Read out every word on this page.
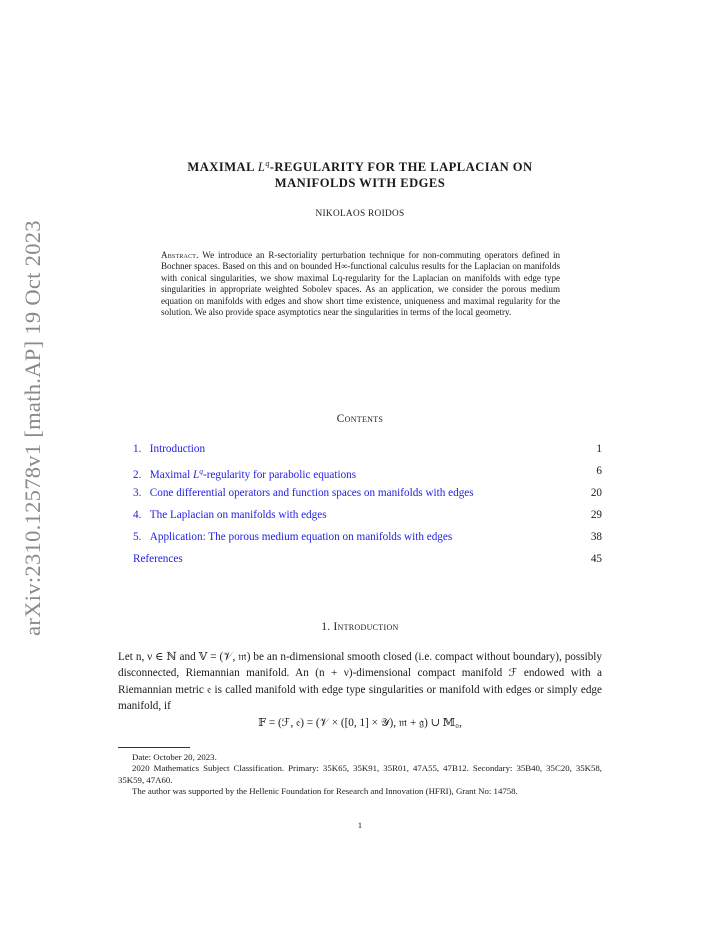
arXiv:2310.12578v1 [math.AP] 19 Oct 2023
MAXIMAL $L^q$-REGULARITY FOR THE LAPLACIAN ON
MANIFOLDS WITH EDGES
NIKOLAOS ROIDOS
Abstract. We introduce an R-sectoriality perturbation technique for non-commuting operators defined in Bochner spaces. Based on this and on bounded H∞-functional calculus results for the Laplacian on manifolds with conical singularities, we show maximal Lq-regularity for the Laplacian on manifolds with edge type singularities in appropriate weighted Sobolev spaces. As an application, we consider the porous medium equation on manifolds with edges and show short time existence, uniqueness and maximal regularity for the solution. We also provide space asymptotics near the singularities in terms of the local geometry.
Contents
1. Introduction	1
2. Maximal $L^q$-regularity for parabolic equations	6
3. Cone differential operators and function spaces on manifolds with edges	20
4. The Laplacian on manifolds with edges	29
5. Application: The porous medium equation on manifolds with edges	38
References	45
1. Introduction
Let n, ν ∈ ℕ and 𝕍 = (𝒱, 𝔪) be an n-dimensional smooth closed (i.e. compact without boundary), possibly disconnected, Riemannian manifold. An (n + ν)-dimensional compact manifold ℱ endowed with a Riemannian metric 𝔢 is called manifold with edge type singularities or manifold with edges or simply edge manifold, if
𝔽 = (ℱ, 𝔢) = (𝒱 × ([0, 1] × 𝒴), 𝔪 + 𝔤) ∪ 𝕄₀,

Date: October 20, 2023.

2020 Mathematics Subject Classification. Primary: 35K65, 35K91, 35R01, 47A55, 47B12. Secondary: 35B40, 35C20, 35K58, 35K59, 47A60.

The author was supported by the Hellenic Foundation for Research and Innovation (HFRI), Grant No: 14758.

1
